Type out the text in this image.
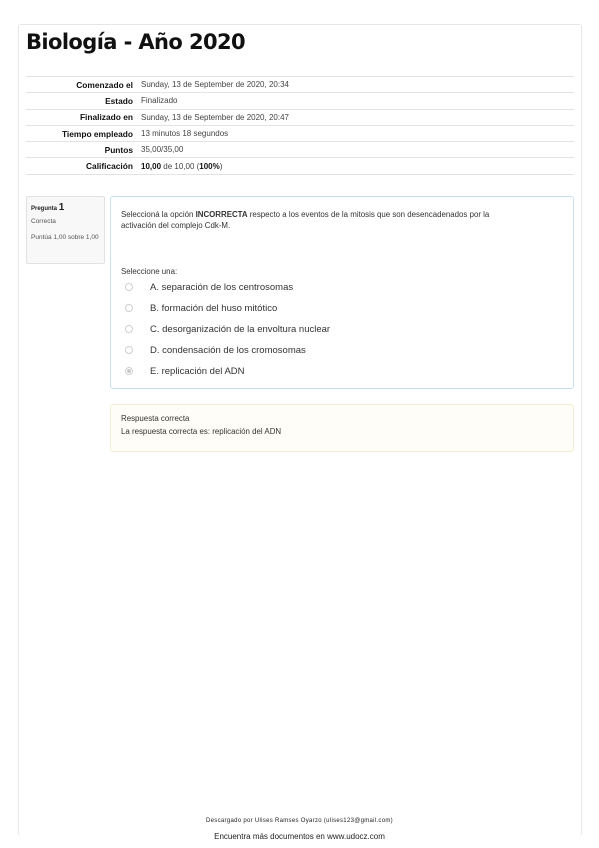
Biología - Año 2020
Comenzado el	Sunday, 13 de September de 2020, 20:34
Estado	Finalizado
Finalizado en	Sunday, 13 de September de 2020, 20:47
Tiempo empleado	13 minutos 18 segundos
Puntos	35,00/35,00
Calificación	10,00 de 10,00 (100%)
Pregunta 1
Correcta
Puntúa 1,00 sobre 1,00
Seleccioná la opción INCORRECTA respecto a los eventos de la mitosis que son desencadenados por la activación del complejo Cdk-M.
Seleccione una:
A. separación de los centrosomas
B. formación del huso mitótico
C. desorganización de la envoltura nuclear
D. condensación de los cromosomas
E. replicación del ADN
Respuesta correcta
La respuesta correcta es: replicación del ADN
Descargado por Ulises Ramses Oyarzo (ulises123@gmail.com)
Encuentra más documentos en www.udocz.com
